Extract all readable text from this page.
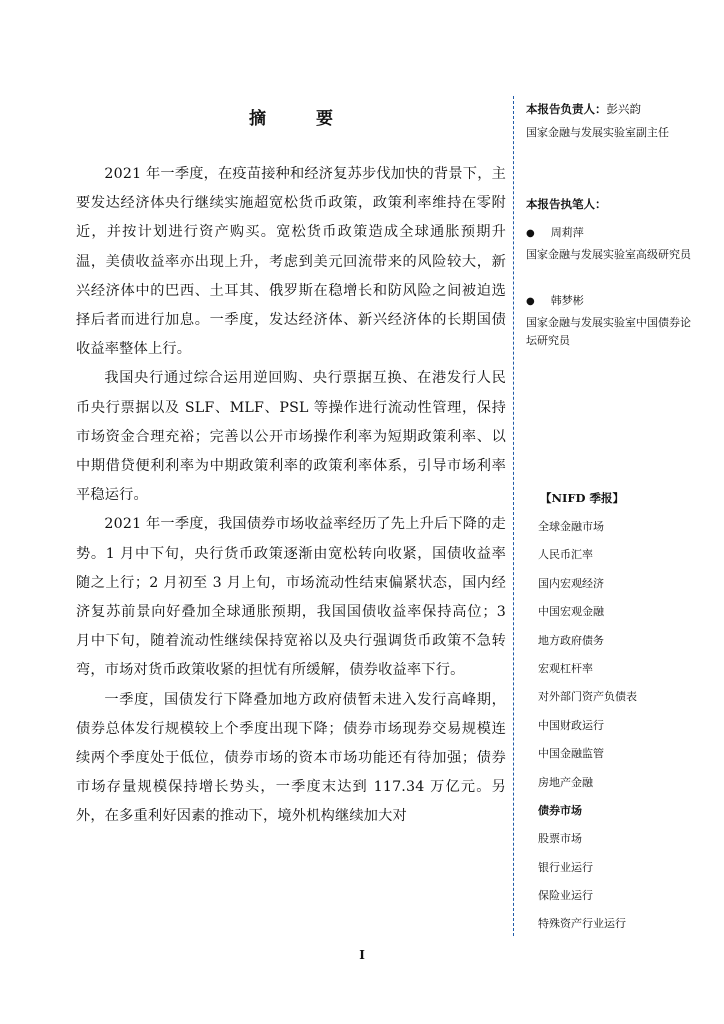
摘 要

2021 年一季度，在疫苗接种和经济复苏步伐加快的背景下，主要发达经济体央行继续实施超宽松货币政策，政策利率维持在零附近，并按计划进行资产购买。宽松货币政策造成全球通胀预期升温，美债收益率亦出现上升，考虑到美元回流带来的风险较大，新兴经济体中的巴西、土耳其、俄罗斯在稳增长和防风险之间被迫选择后者而进行加息。一季度，发达经济体、新兴经济体的长期国债收益率整体上行。

我国央行通过综合运用逆回购、央行票据互换、在港发行人民币央行票据以及 SLF、MLF、PSL 等操作进行流动性管理，保持市场资金合理充裕；完善以公开市场操作利率为短期政策利率、以中期借贷便利利率为中期政策利率的政策利率体系，引导市场利率平稳运行。

2021 年一季度，我国债券市场收益率经历了先上升后下降的走势。1 月中下旬，央行货币政策逐渐由宽松转向收紧，国债收益率随之上行；2 月初至 3 月上旬，市场流动性结束偏紧状态，国内经济复苏前景向好叠加全球通胀预期，我国国债收益率保持高位；3 月中下旬，随着流动性继续保持宽裕以及央行强调货币政策不急转弯，市场对货币政策收紧的担忧有所缓解，债券收益率下行。

一季度，国债发行下降叠加地方政府债暂未进入发行高峰期，债券总体发行规模较上个季度出现下降；债券市场现券交易规模连续两个季度处于低位，债券市场的资本市场功能还有待加强；债券市场存量规模保持增长势头，一季度末达到 117.34 万亿元。另外，在多重利好因素的推动下，境外机构继续加大对

本报告负责人：彭兴韵
国家金融与发展实验室副主任
本报告执笔人：
● 周莉萍
国家金融与发展实验室高级研究员
● 韩梦彬
国家金融与发展实验室中国债券论坛研究员
【NIFD 季报】
全球金融市场
人民币汇率
国内宏观经济
中国宏观金融
地方政府债务
宏观杠杆率
对外部门资产负债表
中国财政运行
中国金融监管
房地产金融
债券市场
股票市场
银行业运行
保险业运行
特殊资产行业运行
I
